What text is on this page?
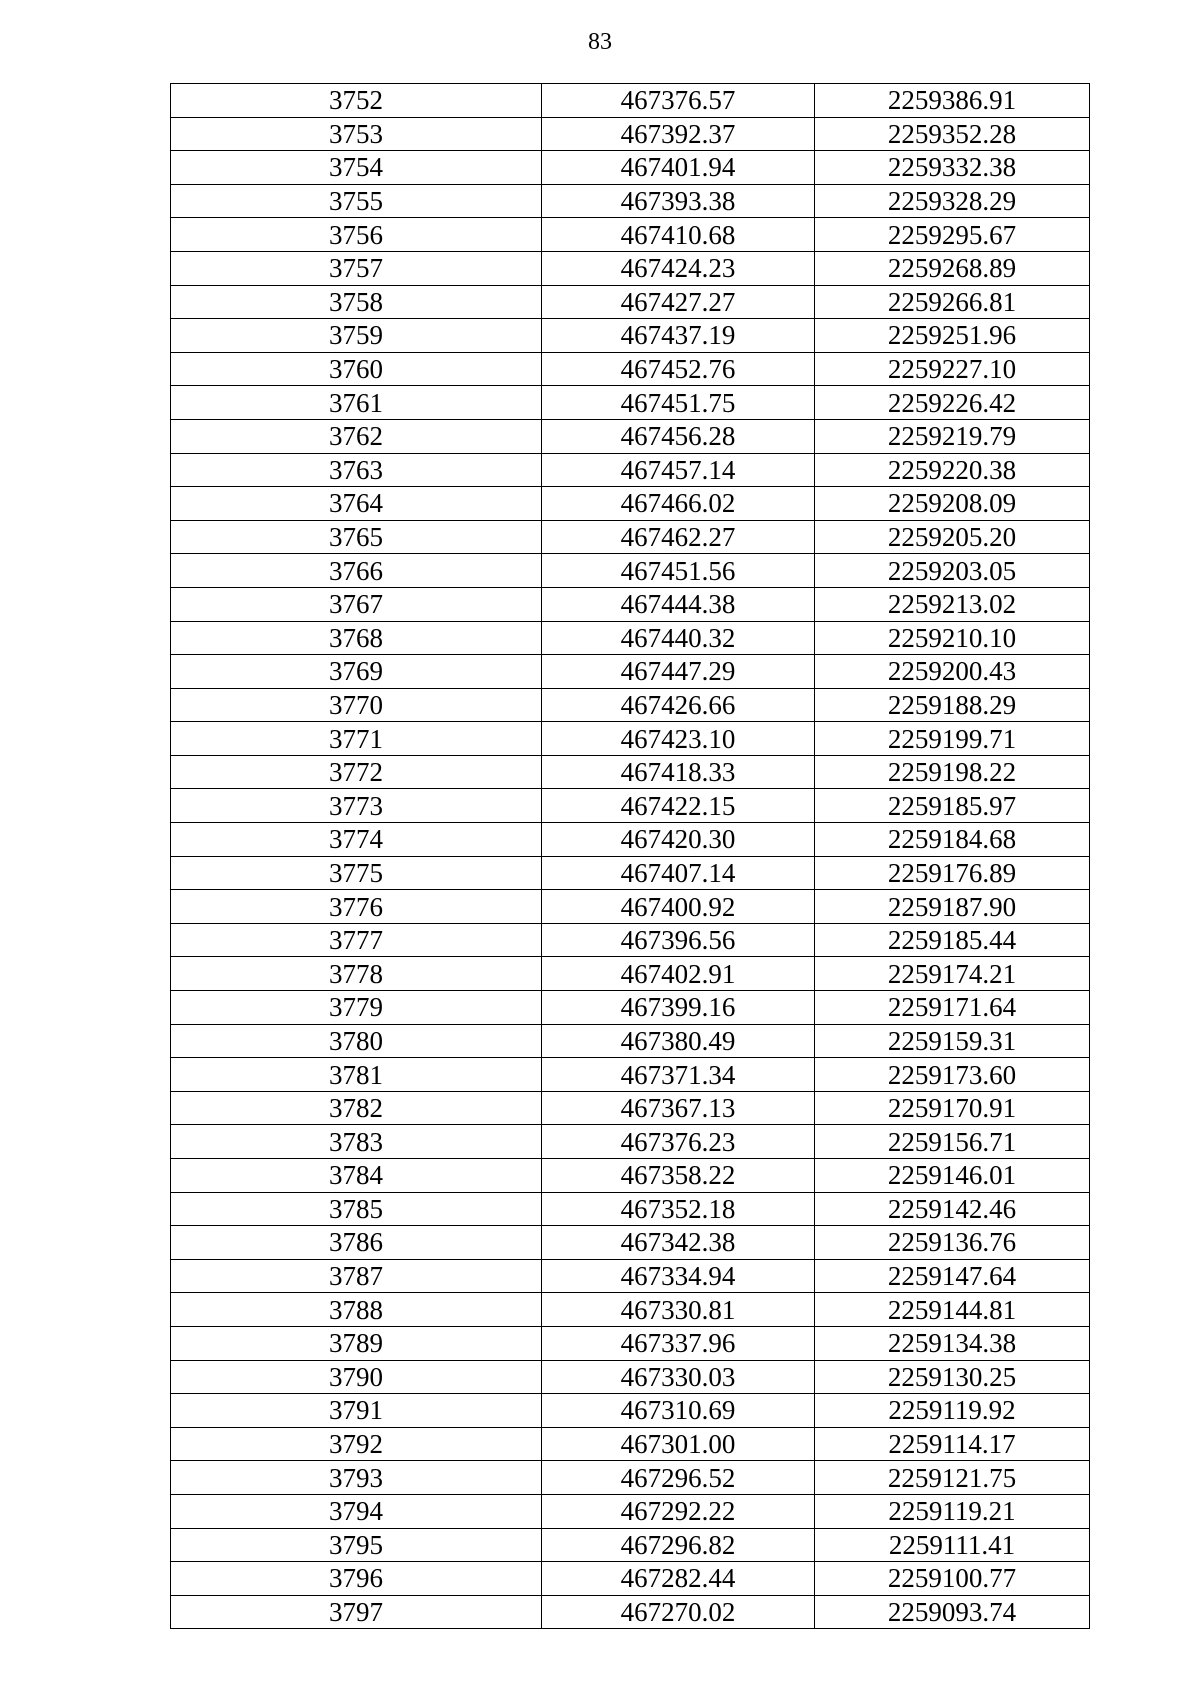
83
3752	467376.57	2259386.91
3753	467392.37	2259352.28
3754	467401.94	2259332.38
3755	467393.38	2259328.29
3756	467410.68	2259295.67
3757	467424.23	2259268.89
3758	467427.27	2259266.81
3759	467437.19	2259251.96
3760	467452.76	2259227.10
3761	467451.75	2259226.42
3762	467456.28	2259219.79
3763	467457.14	2259220.38
3764	467466.02	2259208.09
3765	467462.27	2259205.20
3766	467451.56	2259203.05
3767	467444.38	2259213.02
3768	467440.32	2259210.10
3769	467447.29	2259200.43
3770	467426.66	2259188.29
3771	467423.10	2259199.71
3772	467418.33	2259198.22
3773	467422.15	2259185.97
3774	467420.30	2259184.68
3775	467407.14	2259176.89
3776	467400.92	2259187.90
3777	467396.56	2259185.44
3778	467402.91	2259174.21
3779	467399.16	2259171.64
3780	467380.49	2259159.31
3781	467371.34	2259173.60
3782	467367.13	2259170.91
3783	467376.23	2259156.71
3784	467358.22	2259146.01
3785	467352.18	2259142.46
3786	467342.38	2259136.76
3787	467334.94	2259147.64
3788	467330.81	2259144.81
3789	467337.96	2259134.38
3790	467330.03	2259130.25
3791	467310.69	2259119.92
3792	467301.00	2259114.17
3793	467296.52	2259121.75
3794	467292.22	2259119.21
3795	467296.82	2259111.41
3796	467282.44	2259100.77
3797	467270.02	2259093.74
